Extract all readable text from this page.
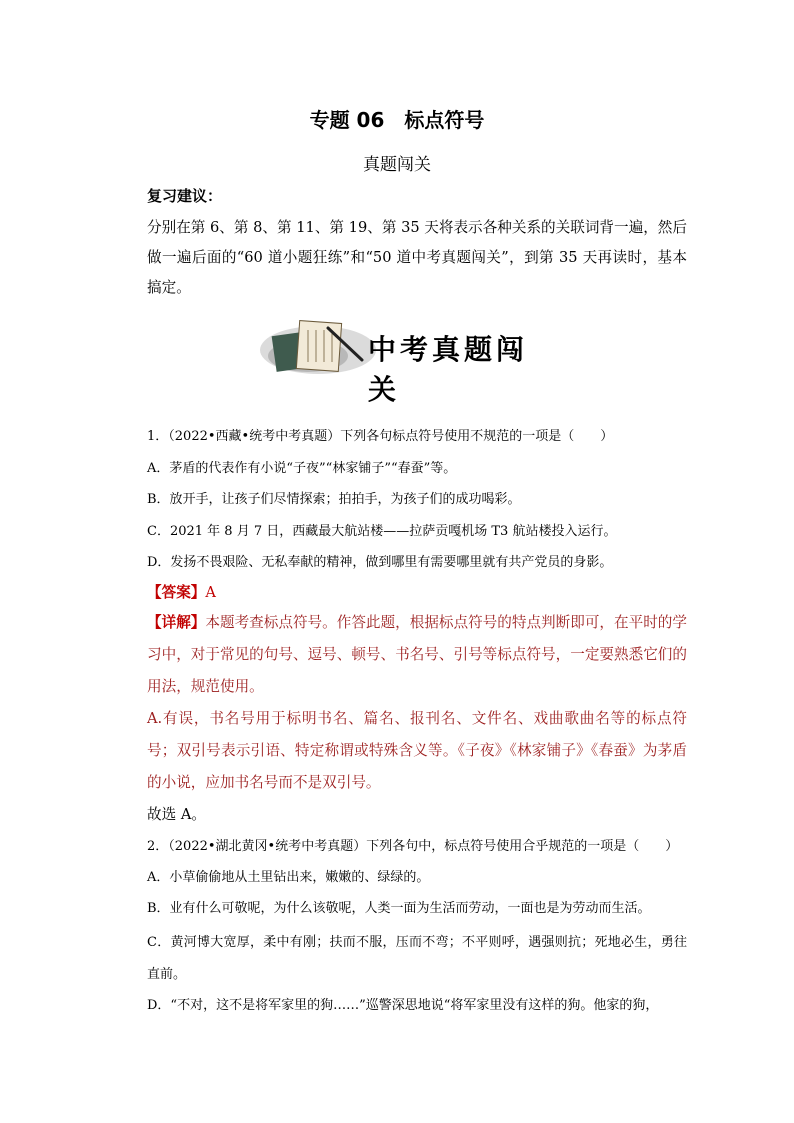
专题 06　标点符号
真题闯关
复习建议：
分别在第 6、第 8、第 11、第 19、第 35 天将表示各种关系的关联词背一遍，然后做一遍后面的“60 道小题狂练”和“50 道中考真题闯关”，到第 35 天再读时，基本搞定。
中考真题闯关
1．（2022•西藏•统考中考真题）下列各句标点符号使用不规范的一项是（　　）
A．茅盾的代表作有小说“子夜”“林家铺子”“春蚕”等。
B．放开手，让孩子们尽情探索；拍拍手，为孩子们的成功喝彩。
C．2021 年 8 月 7 日，西藏最大航站楼——拉萨贡嘎机场 T3 航站楼投入运行。
D．发扬不畏艰险、无私奉献的精神，做到哪里有需要哪里就有共产党员的身影。
【答案】A
【详解】本题考查标点符号。作答此题，根据标点符号的特点判断即可，在平时的学习中，对于常见的句号、逗号、顿号、书名号、引号等标点符号，一定要熟悉它们的用法，规范使用。
A.有误，书名号用于标明书名、篇名、报刊名、文件名、戏曲歌曲名等的标点符号；双引号表示引语、特定称谓或特殊含义等。《子夜》《林家铺子》《春蚕》为茅盾的小说，应加书名号而不是双引号。
故选 A。
2．（2022•湖北黄冈•统考中考真题）下列各句中，标点符号使用合乎规范的一项是（　　）
A．小草偷偷地从土里钻出来，嫩嫩的、绿绿的。
B．业有什么可敬呢，为什么该敬呢，人类一面为生活而劳动，一面也是为劳动而生活。
C．黄河博大宽厚，柔中有刚；扶而不服，压而不弯；不平则呼，遇强则抗；死地必生，勇往直前。
D．“不对，这不是将军家里的狗……”巡警深思地说“将军家里没有这样的狗。他家的狗，
